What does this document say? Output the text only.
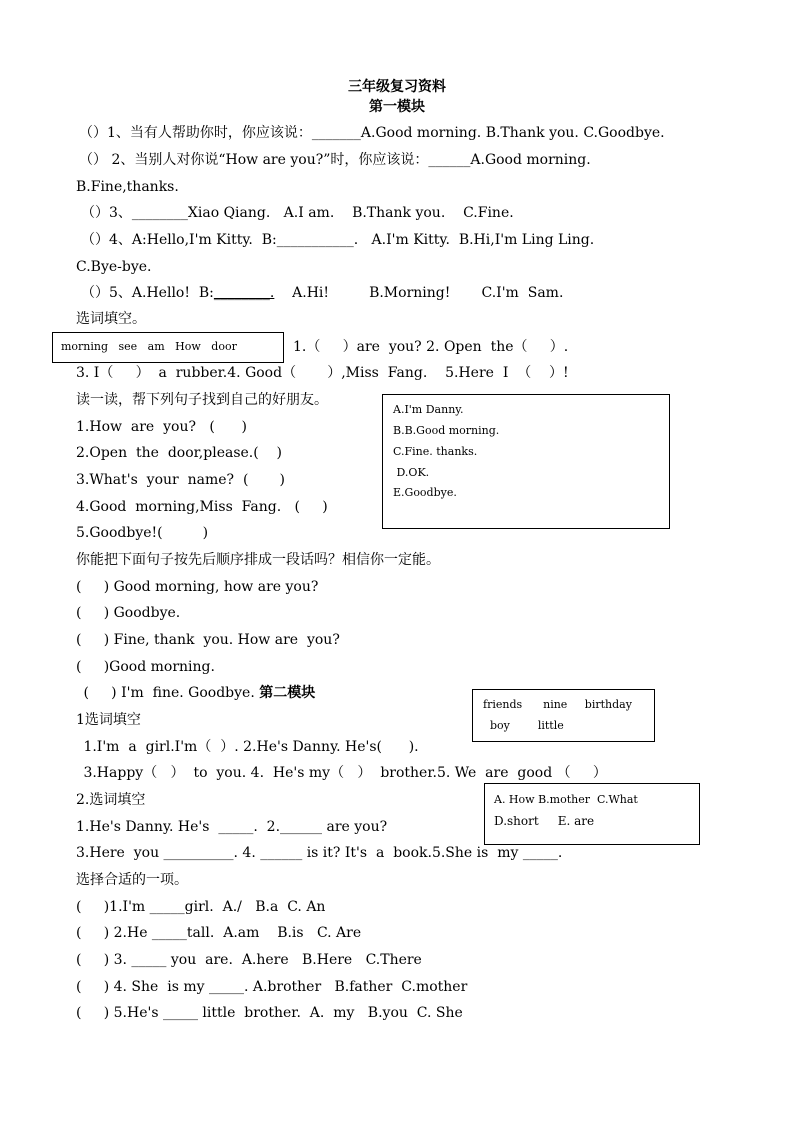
三年级复习资料
第一模块
（）1、当有人帮助你时，你应该说：_______A.Good morning. B.Thank you. C.Goodbye.
（） 2、当别人对你说“How are you?”时，你应该说：______A.Good morning.
B.Fine,thanks.
（）3、________Xiao Qiang.   A.I am.    B.Thank you.    C.Fine.
（）4、A:Hello,I'm Kitty.  B:___________.   A.I'm Kitty.  B.Hi,I'm Ling Ling.
C.Bye-bye.
（）5、A.Hello!  B:________.    A.Hi!         B.Morning!       C.I'm  Sam.
选词填空。
morning   see   am   How   door	1.（     ）are  you? 2. Open  the（     ）.
3. I（     ）  a  rubber.4. Good（       ）,Miss  Fang.    5.Here  I  （    ）!
读一读，帮下列句子找到自己的好朋友。
1.How  are  you?   (      )
2.Open  the  door,please.(    )
3.What's  your  name?  (       )
4.Good  morning,Miss  Fang.   (     )
5.Goodbye!(         )
A.I'm Danny.
B.B.Good morning.
C.Fine. thanks.
D.OK.
E.Goodbye.
你能把下面句子按先后顺序排成一段话吗？相信你一定能。
(     ) Good morning, how are you?
(     ) Goodbye.
(     ) Fine, thank  you. How are  you?
(     )Good morning.
(     ) I'm  fine. Goodbye. 第二模块
friends      nine     birthday
boy        little
1选词填空
1.I'm  a  girl.I'm（  ）. 2.He's Danny. He's(      ).
3.Happy（   ）  to  you. 4.  He's my（   ）  brother.5. We  are  good （     ）
2.选词填空	A. How B.mother  C.What
D.short     E. are
1.He's Danny. He's  _____.  2.______ are you?
3.Here  you __________. 4. ______ is it? It's  a  book.5.She is  my _____.
选择合适的一项。
(     )1.I'm _____girl.  A./   B.a  C. An
(     ) 2.He _____tall.  A.am    B.is   C. Are
(     ) 3. _____ you  are.  A.here   B.Here   C.There
(     ) 4. She  is my _____. A.brother   B.father  C.mother
(     ) 5.He's _____ little  brother.  A.  my   B.you  C. She
